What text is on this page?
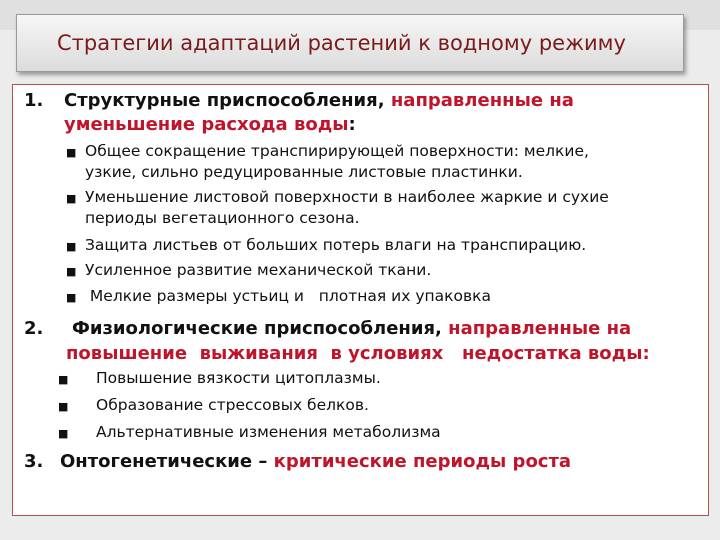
Стратегии адаптаций растений к водному режиму
1. Структурные приспособления, направленные на
уменьшение расхода воды:
■ Общее сокращение транспирирующей поверхности: мелкие,
узкие, сильно редуцированные листовые пластинки.
■ Уменьшение листовой поверхности в наиболее жаркие и сухие
периоды вегетационного сезона.
■ Защита листьев от больших потерь влаги на транспирацию.
■ Усиленное развитие механической ткани.
■ Мелкие размеры устьиц и   плотная их упаковка
2. Физиологические приспособления, направленные на
повышение  выживания  в условиях   недостатка воды:
■ Повышение вязкости цитоплазмы.
■ Образование стрессовых белков.
■ Альтернативные изменения метаболизма
3. Онтогенетические – критические периоды роста
